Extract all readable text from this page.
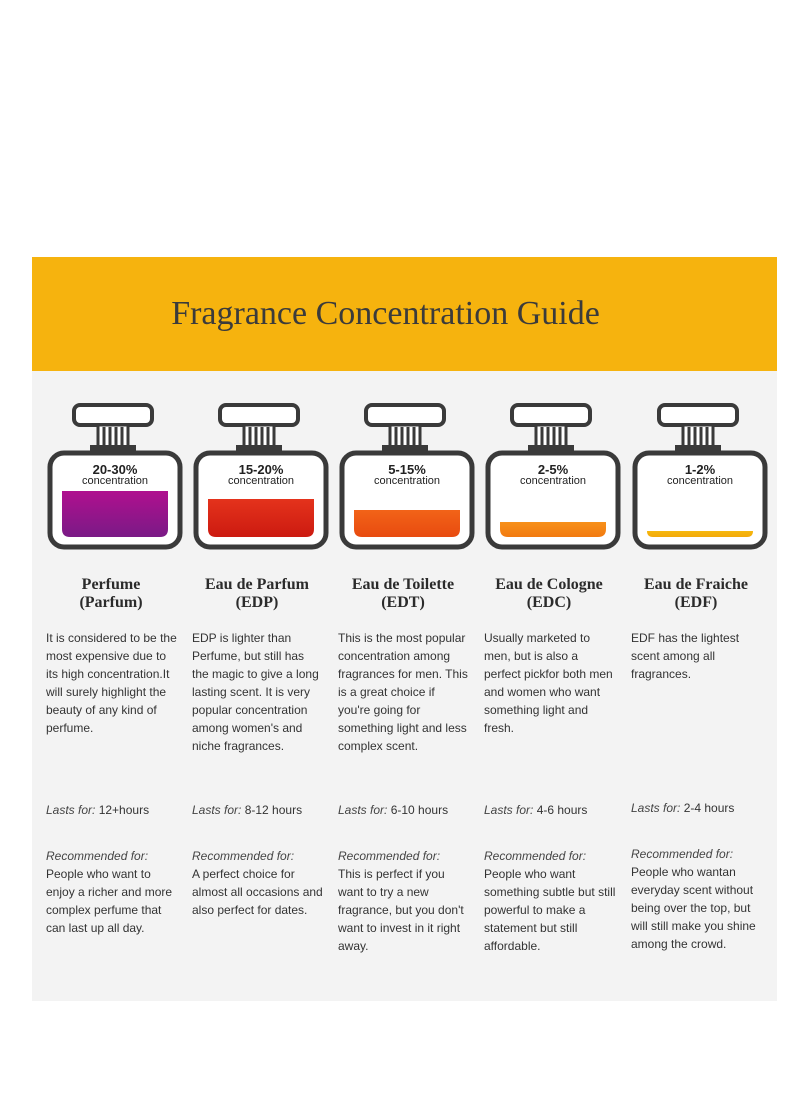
Fragrance Concentration Guide
20-30%
concentration
Perfume
(Parfum)
It is considered to be the most expensive due to its high concentration.It will surely highlight the beauty of any kind of perfume.
Lasts for: 12+hours
Recommended for:
People who want to enjoy a richer and more complex perfume that can last up all day.
15-20%
concentration
Eau de Parfum
(EDP)
EDP is lighter than Perfume, but still has the magic to give a long lasting scent. It is very popular concentration among women's and niche fragrances.
Lasts for: 8-12 hours
Recommended for:
A perfect choice for almost all occasions and also perfect for dates.
5-15%
concentration
Eau de Toilette
(EDT)
This is the most popular concentration among fragrances for men. This is a great choice if you're going for something light and less complex scent.
Lasts for: 6-10 hours
Recommended for:
This is perfect if you want to try a new fragrance, but you don't want to invest in it right away.
2-5%
concentration
Eau de Cologne
(EDC)
Usually marketed to men, but is also a perfect pickfor both men and women who want something light and fresh.
Lasts for: 4-6 hours
Recommended for:
People who want something subtle but still powerful to make a statement but still affordable.
1-2%
concentration
Eau de Fraiche
(EDF)
EDF has the lightest scent among all fragrances.
Lasts for: 2-4 hours
Recommended for:
People who wantan everyday scent without being over the top, but will still make you shine among the crowd.
